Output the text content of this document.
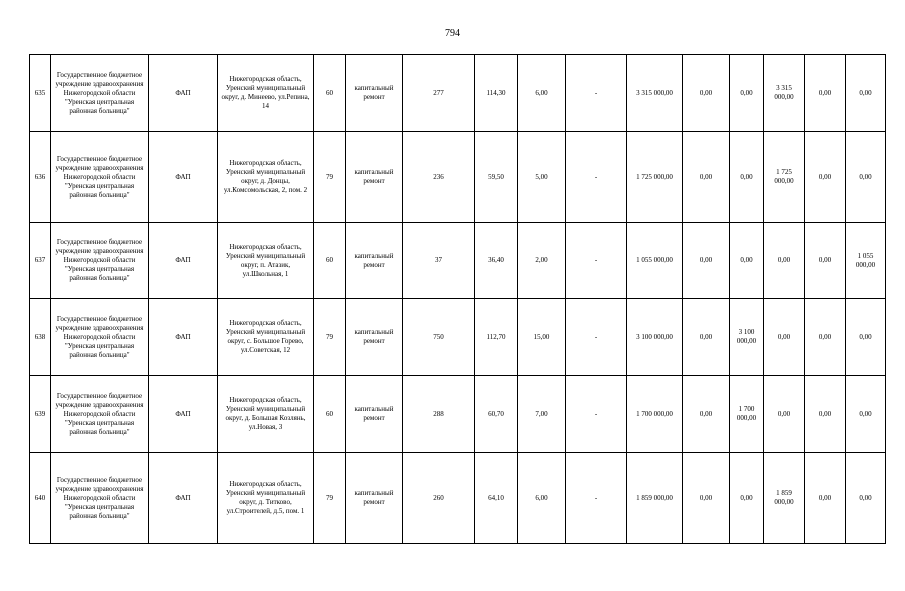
794
635	Государственное бюджетное учреждение здравоохранения Нижегородской области "Уренская центральная районная больница"	ФАП	Нижегородская область, Уренский муниципальный округ, д. Минеево, ул.Репина, 14	60	капитальный ремонт	277	114,30	6,00	-	3 315 000,00	0,00	0,00	3 315 000,00	0,00	0,00
636	Государственное бюджетное учреждение здравоохранения Нижегородской области "Уренская центральная районная больница"	ФАП	Нижегородская область, Уренский муниципальный округ, д. Донцы, ул.Комсомольская, 2, пом. 2	79	капитальный ремонт	236	59,50	5,00	-	1 725 000,00	0,00	0,00	1 725 000,00	0,00	0,00
637	Государственное бюджетное учреждение здравоохранения Нижегородской области "Уренская центральная районная больница"	ФАП	Нижегородская область, Уренский муниципальный округ, п. Атазик, ул.Школьная, 1	60	капитальный ремонт	37	36,40	2,00	-	1 055 000,00	0,00	0,00	0,00	0,00	1 055 000,00
638	Государственное бюджетное учреждение здравоохранения Нижегородской области "Уренская центральная районная больница"	ФАП	Нижегородская область, Уренский муниципальный округ, с. Большое Горево, ул.Советская, 12	79	капитальный ремонт	750	112,70	15,00	-	3 100 000,00	0,00	3 100 000,00	0,00	0,00	0,00
639	Государственное бюджетное учреждение здравоохранения Нижегородской области "Уренская центральная районная больница"	ФАП	Нижегородская область, Уренский муниципальный округ, д. Большая Козлянь, ул.Новая, 3	60	капитальный ремонт	288	60,70	7,00	-	1 700 000,00	0,00	1 700 000,00	0,00	0,00	0,00
640	Государственное бюджетное учреждение здравоохранения Нижегородской области "Уренская центральная районная больница"	ФАП	Нижегородская область, Уренский муниципальный округ, д. Титково, ул.Строителей, д.5, пом. 1	79	капитальный ремонт	260	64,10	6,00	-	1 859 000,00	0,00	0,00	1 859 000,00	0,00	0,00
